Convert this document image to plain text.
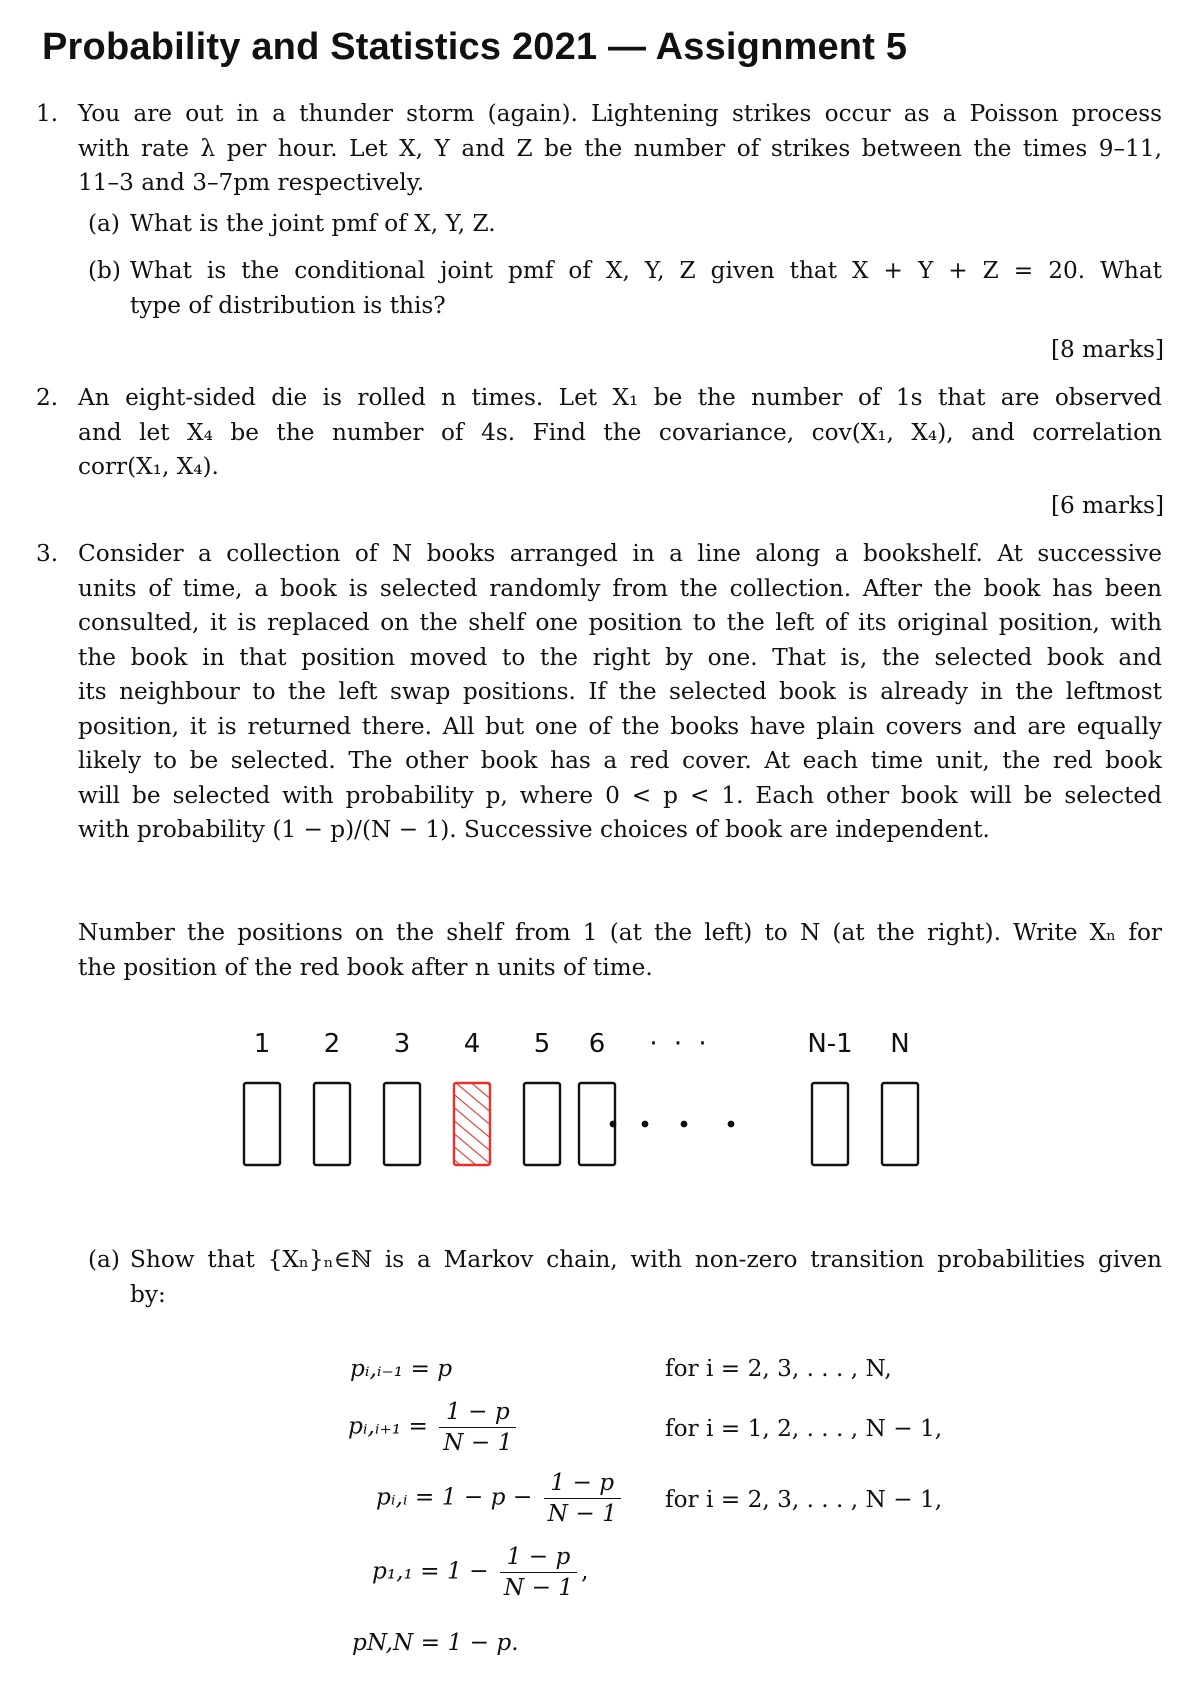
Probability and Statistics 2021 — Assignment 5
1. You are out in a thunder storm (again). Lightening strikes occur as a Poisson process
with rate λ per hour. Let X, Y and Z be the number of strikes between the times 9–11,
11–3 and 3–7pm respectively.
(a) What is the joint pmf of X, Y, Z.
(b) What is the conditional joint pmf of X, Y, Z given that X + Y + Z = 20. What
type of distribution is this?
[8 marks]
2. An eight-sided die is rolled n times. Let X₁ be the number of 1s that are observed
and let X₄ be the number of 4s. Find the covariance, cov(X₁, X₄), and correlation
corr(X₁, X₄).
[6 marks]
3. Consider a collection of N books arranged in a line along a bookshelf. At successive
units of time, a book is selected randomly from the collection. After the book has been
consulted, it is replaced on the shelf one position to the left of its original position, with
the book in that position moved to the right by one. That is, the selected book and
its neighbour to the left swap positions. If the selected book is already in the leftmost
position, it is returned there. All but one of the books have plain covers and are equally
likely to be selected. The other book has a red cover. At each time unit, the red book
will be selected with probability p, where 0 < p < 1. Each other book will be selected
with probability (1 − p)/(N − 1). Successive choices of book are independent.
Number the positions on the shelf from 1 (at the left) to N (at the right). Write Xₙ for
the position of the red book after n units of time.
1 2 3 4 5 6 · · ·	N-1 N
(a) Show that {Xₙ}ₙ∈ℕ is a Markov chain, with non-zero transition probabilities given
by:
pᵢ,ᵢ₋₁ = p	for i = 2, 3, . . . , N,
pᵢ,ᵢ₊₁ = $\frac{1 - p}{N - 1}$	for i = 1, 2, . . . , N − 1,
pᵢ,ᵢ = $1 - p - \frac{1 - p}{N - 1}$ for i = 2, 3, . . . , N − 1,
$p_1,_1 = 1 - \frac{1 - p}{N - 1}$ ,
pN,N = 1 − p.
